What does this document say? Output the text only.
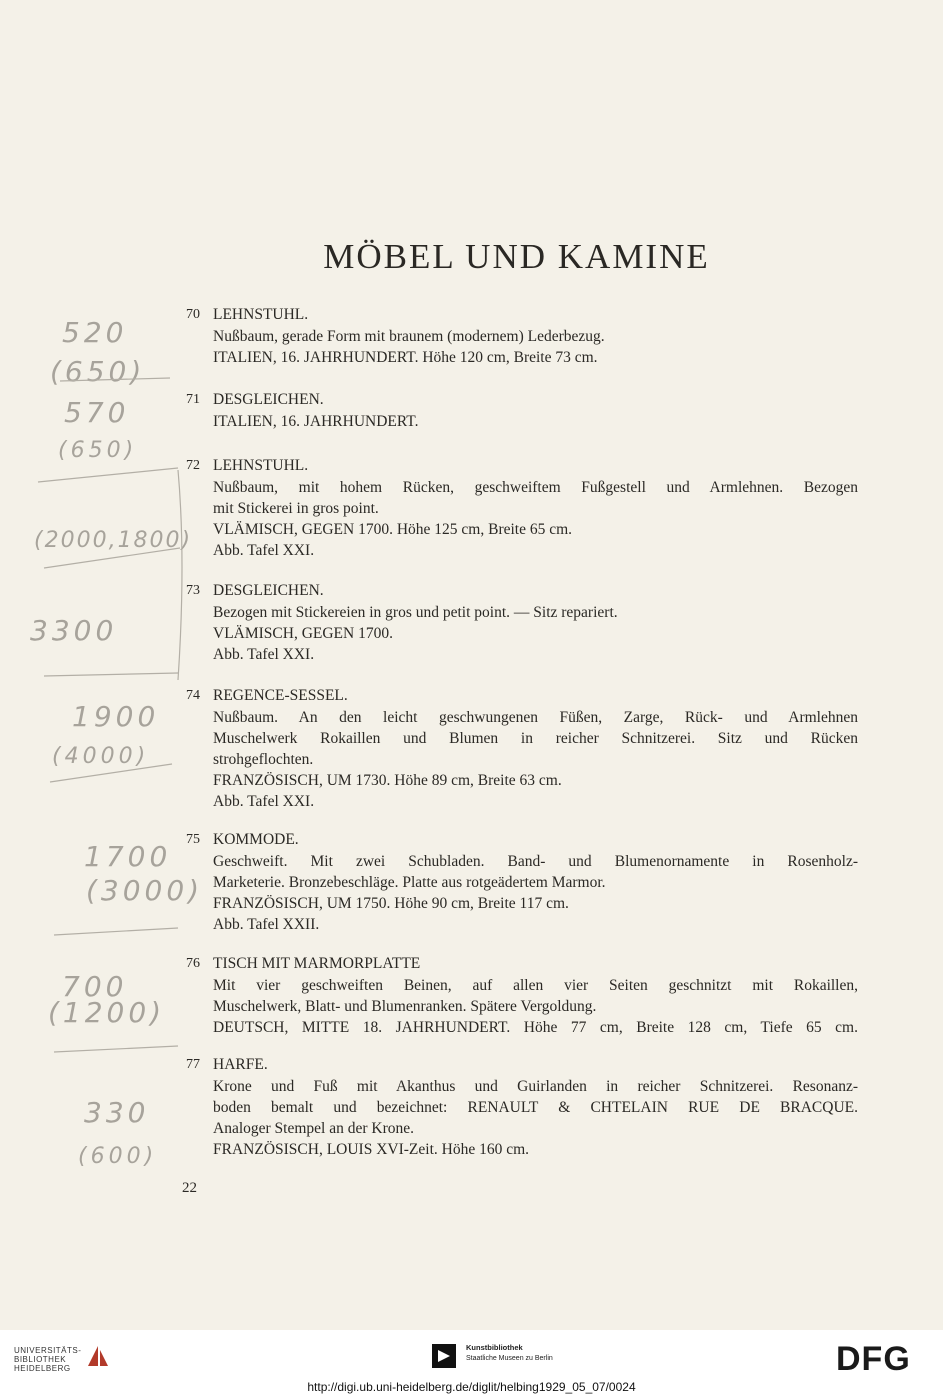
MÖBEL UND KAMINE
70 LEHNSTUHL.
Nußbaum, gerade Form mit braunem (modernem) Lederbezug.
ITALIEN, 16. JAHRHUNDERT. Höhe 120 cm, Breite 73 cm.
71 DESGLEICHEN.
ITALIEN, 16. JAHRHUNDERT.
72 LEHNSTUHL.
Nußbaum, mit hohem Rücken, geschweiftem Fußgestell und Armlehnen. Bezogen
mit Stickerei in gros point.
VLÄMISCH, GEGEN 1700. Höhe 125 cm, Breite 65 cm.
Abb. Tafel XXI.
73 DESGLEICHEN.
Bezogen mit Stickereien in gros und petit point. — Sitz repariert.
VLÄMISCH, GEGEN 1700.
Abb. Tafel XXI.
74 REGENCE-SESSEL.
Nußbaum. An den leicht geschwungenen Füßen, Zarge, Rück- und Armlehnen
Muschelwerk Rokaillen und Blumen in reicher Schnitzerei. Sitz und Rücken
strohgeflochten.
FRANZÖSISCH, UM 1730. Höhe 89 cm, Breite 63 cm.
Abb. Tafel XXI.
75 KOMMODE.
Geschweift. Mit zwei Schubladen. Band- und Blumenornamente in Rosenholz-
Marketerie. Bronzebeschläge. Platte aus rotgeädertem Marmor.
FRANZÖSISCH, UM 1750. Höhe 90 cm, Breite 117 cm.
Abb. Tafel XXII.
76 TISCH MIT MARMORPLATTE
Mit vier geschweiften Beinen, auf allen vier Seiten geschnitzt mit Rokaillen,
Muschelwerk, Blatt- und Blumenranken. Spätere Vergoldung.
DEUTSCH, MITTE 18. JAHRHUNDERT. Höhe 77 cm, Breite 128 cm, Tiefe 65 cm.
77 HARFE.
Krone und Fuß mit Akanthus und Guirlanden in reicher Schnitzerei. Resonanz-
boden bemalt und bezeichnet: RENAULT & CHTELAIN RUE DE BRACQUE.
Analoger Stempel an der Krone.
FRANZÖSISCH, LOUIS XVI-Zeit. Höhe 160 cm.
22
520
(650)
570
(650)
(2000,1800)
3300
1900
(4000)
1700
(3000)
700
(1200)
330
(600)
UNIVERSITÄTS-
BIBLIOTHEK
HEIDELBERG
Kunstbibliothek
Staatliche Museen zu Berlin	DFG
http://digi.ub.uni-heidelberg.de/diglit/helbing1929_05_07/0024
